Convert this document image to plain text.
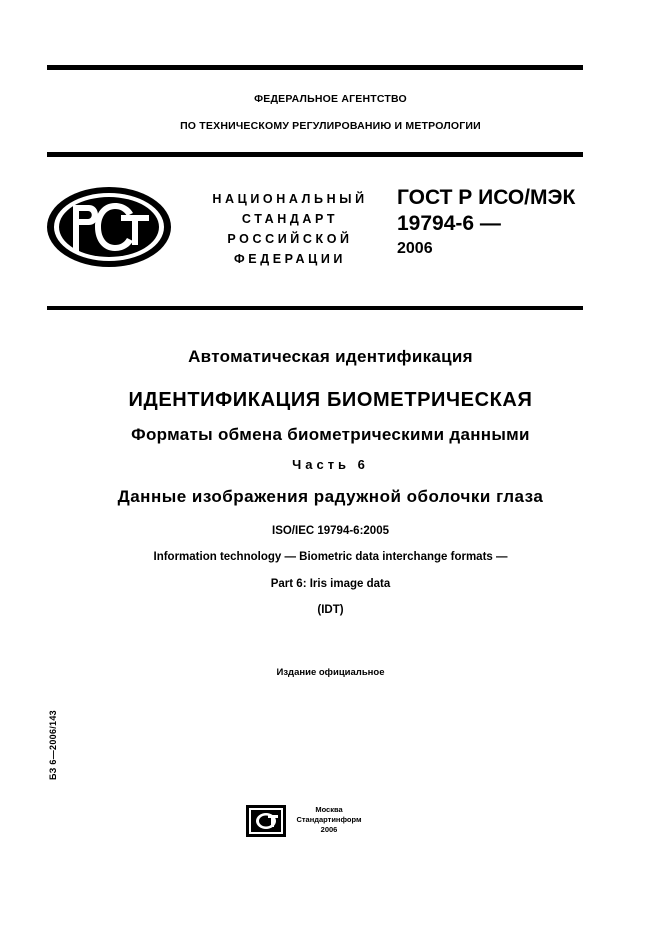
ФЕДЕРАЛЬНОЕ АГЕНТСТВО
ПО ТЕХНИЧЕСКОМУ РЕГУЛИРОВАНИЮ И МЕТРОЛОГИИ
НАЦИОНАЛЬНЫЙ
СТАНДАРТ
РОССИЙСКОЙ
ФЕДЕРАЦИИ
ГОСТ Р ИСО/МЭК
19794-6 —
2006
Автоматическая идентификация
ИДЕНТИФИКАЦИЯ БИОМЕТРИЧЕСКАЯ
Форматы обмена биометрическими данными
Часть 6
Данные изображения радужной оболочки глаза
ISO/IEC 19794-6:2005
Information technology — Biometric data interchange formats —
Part 6: Iris image data
(IDT)
Издание официальное
БЗ 6—2006/143
Москва
Стандартинформ
2006
